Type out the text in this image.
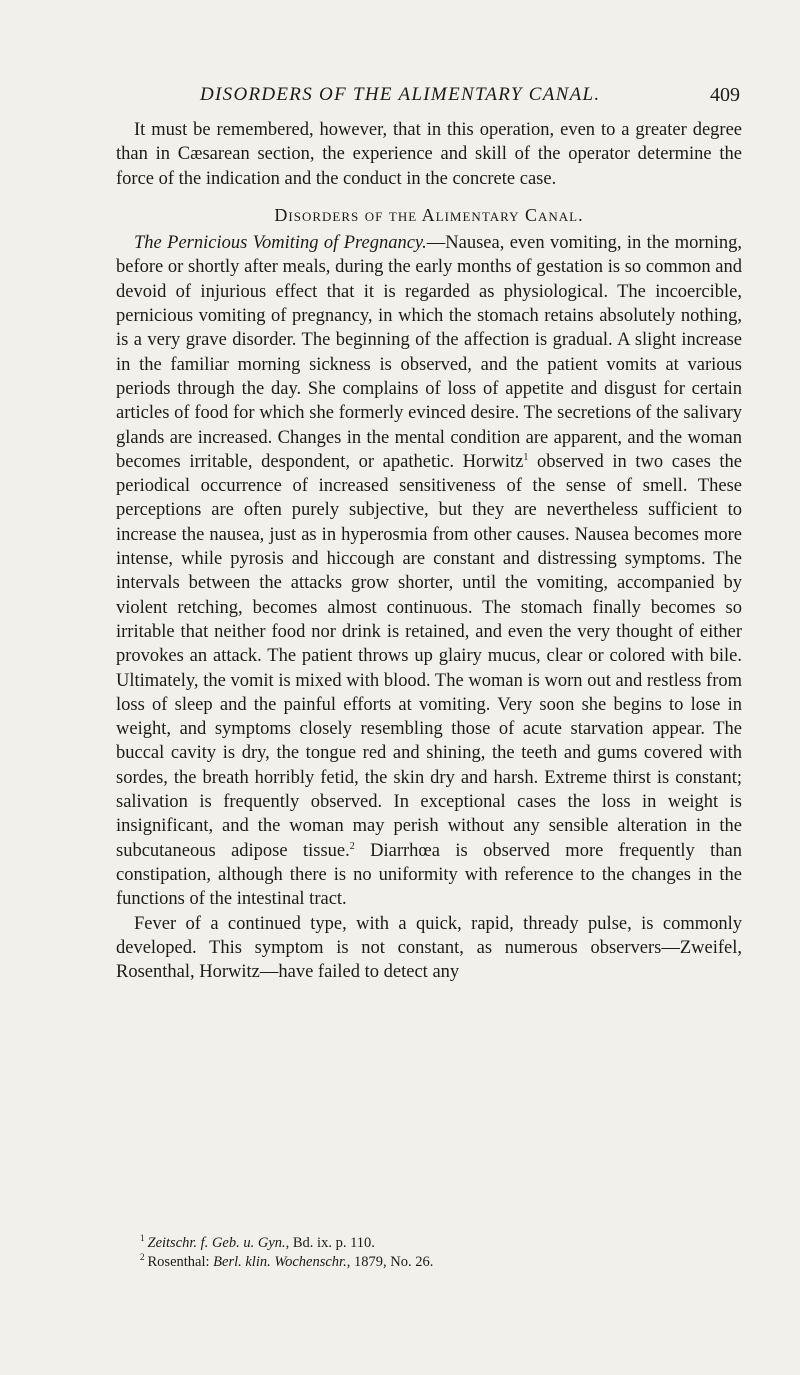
DISORDERS OF THE ALIMENTARY CANAL.	409

It must be remembered, however, that in this operation, even to a greater degree than in Cæsarean section, the experience and skill of the operator determine the force of the indication and the conduct in the concrete case.

Disorders of the Alimentary Canal.

The Pernicious Vomiting of Pregnancy.—Nausea, even vomiting, in the morning, before or shortly after meals, during the early months of gestation is so common and devoid of injurious effect that it is regarded as physiological. The incoercible, pernicious vomiting of pregnancy, in which the stomach retains absolutely nothing, is a very grave disorder. The beginning of the affection is gradual. A slight increase in the familiar morning sickness is observed, and the patient vomits at various periods through the day. She complains of loss of appetite and disgust for certain articles of food for which she formerly evinced desire. The secretions of the salivary glands are increased. Changes in the mental condition are apparent, and the woman becomes irritable, despondent, or apathetic. Horwitz$^1$ observed in two cases the periodical occurrence of increased sensitiveness of the sense of smell. These perceptions are often purely subjective, but they are nevertheless sufficient to increase the nausea, just as in hyperosmia from other causes. Nausea becomes more intense, while pyrosis and hiccough are constant and distressing symptoms. The intervals between the attacks grow shorter, until the vomiting, accompanied by violent retching, becomes almost continuous. The stomach finally becomes so irritable that neither food nor drink is retained, and even the very thought of either provokes an attack. The patient throws up glairy mucus, clear or colored with bile. Ultimately, the vomit is mixed with blood. The woman is worn out and restless from loss of sleep and the painful efforts at vomiting. Very soon she begins to lose in weight, and symptoms closely resembling those of acute starvation appear. The buccal cavity is dry, the tongue red and shining, the teeth and gums covered with sordes, the breath horribly fetid, the skin dry and harsh. Extreme thirst is constant; salivation is frequently observed. In exceptional cases the loss in weight is insignificant, and the woman may perish without any sensible alteration in the subcutaneous adipose tissue.$^2$ Diarrhœa is observed more frequently than constipation, although there is no uniformity with reference to the changes in the functions of the intestinal tract.

Fever of a continued type, with a quick, rapid, thready pulse, is commonly developed. This symptom is not constant, as numerous observers—Zweifel, Rosenthal, Horwitz—have failed to detect any

$^1$ Zeitschr. f. Geb. u. Gyn., Bd. ix. p. 110.

$^2$ Rosenthal: Berl. klin. Wochenschr., 1879, No. 26.
